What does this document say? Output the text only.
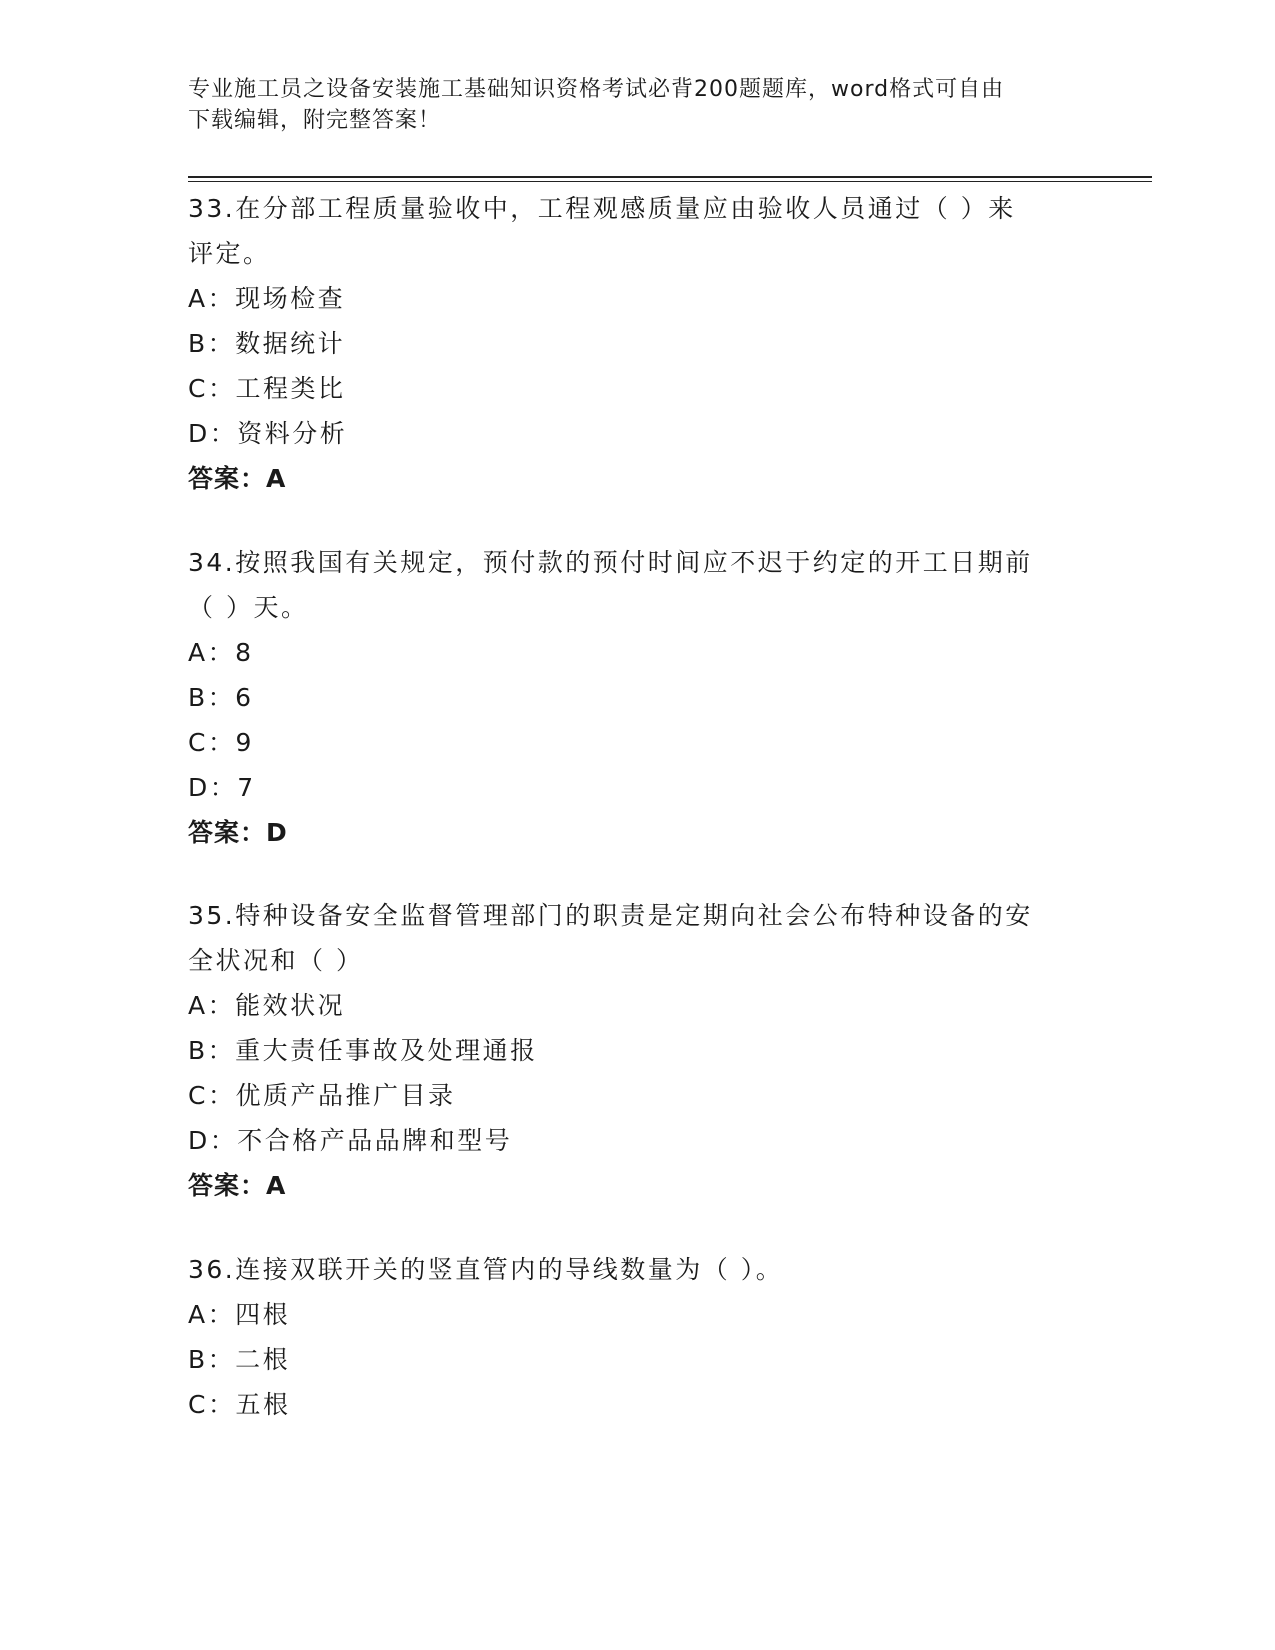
专业施工员之设备安装施工基础知识资格考试必背200题题库，word格式可自由
下载编辑，附完整答案！
33.在分部工程质量验收中，工程观感质量应由验收人员通过（ ）来
评定。
A：现场检查
B：数据统计
C：工程类比
D：资料分析
答案：A
34.按照我国有关规定，预付款的预付时间应不迟于约定的开工日期前
（ ）天。
A：8
B：6
C：9
D：7
答案：D
35.特种设备安全监督管理部门的职责是定期向社会公布特种设备的安
全状况和（ ）
A：能效状况
B：重大责任事故及处理通报
C：优质产品推广目录
D：不合格产品品牌和型号
答案：A
36.连接双联开关的竖直管内的导线数量为（ ）。
A：四根
B：二根
C：五根
